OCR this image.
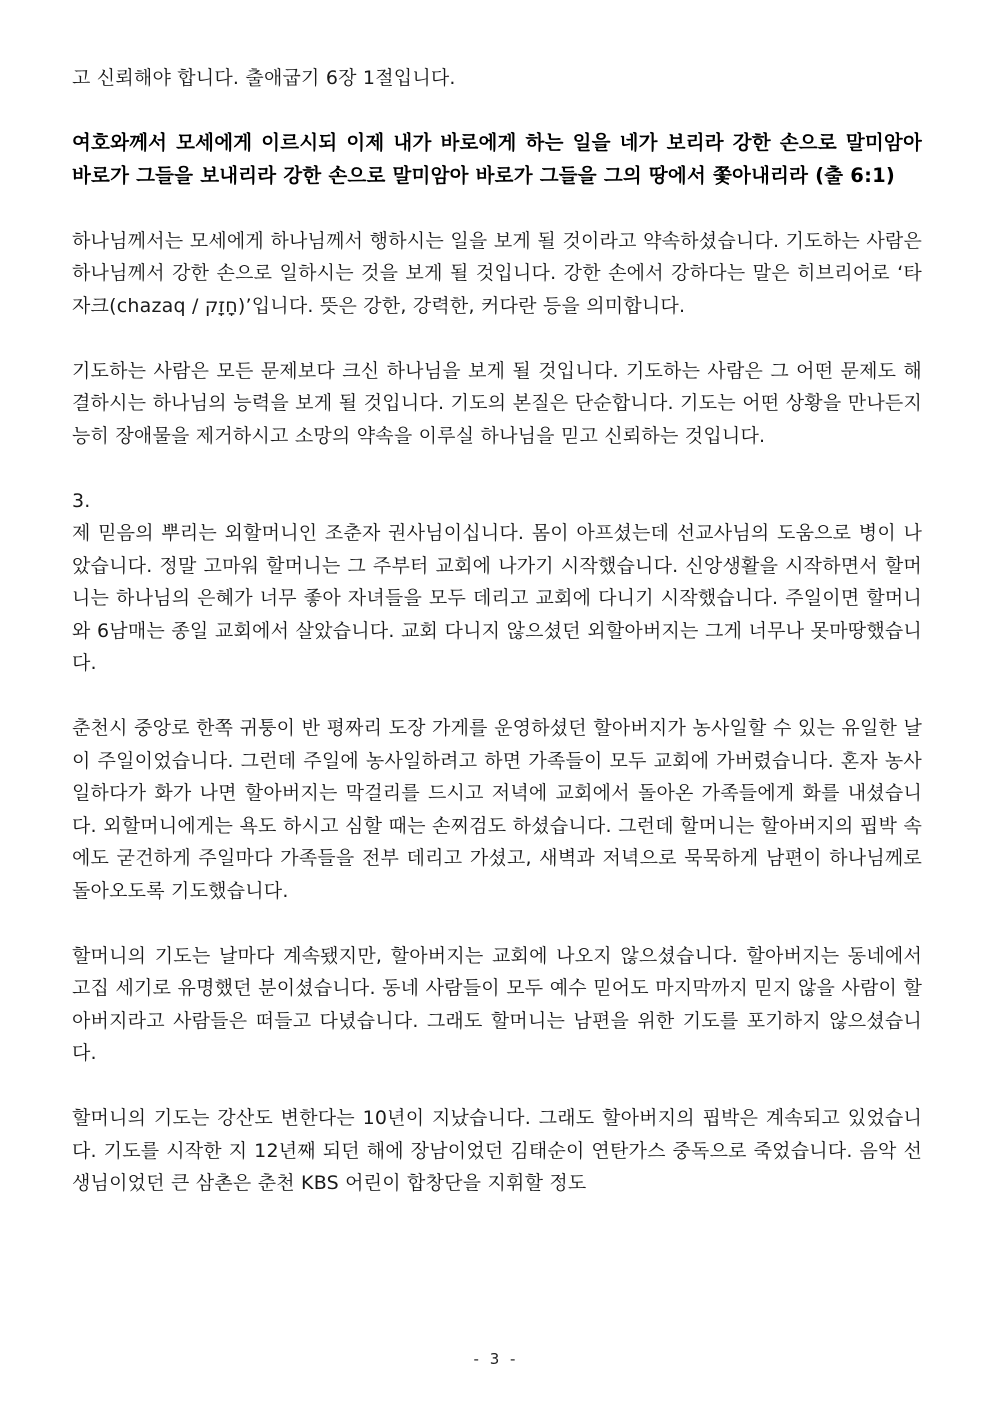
고 신뢰해야 합니다. 출애굽기 6장 1절입니다.

여호와께서 모세에게 이르시되 이제 내가 바로에게 하는 일을 네가 보리라 강한 손으로 말미암아 바로가 그들을 보내리라 강한 손으로 말미암아 바로가 그들을 그의 땅에서 쫓아내리라 (출 6:1)

하나님께서는 모세에게 하나님께서 행하시는 일을 보게 될 것이라고 약속하셨습니다. 기도하는 사람은 하나님께서 강한 손으로 일하시는 것을 보게 될 것입니다. 강한 손에서 강하다는 말은 히브리어로 ‘타자크(chazaq / חָזָק)’입니다. 뜻은 강한, 강력한, 커다란 등을 의미합니다.

기도하는 사람은 모든 문제보다 크신 하나님을 보게 될 것입니다. 기도하는 사람은 그 어떤 문제도 해결하시는 하나님의 능력을 보게 될 것입니다. 기도의 본질은 단순합니다. 기도는 어떤 상황을 만나든지 능히 장애물을 제거하시고 소망의 약속을 이루실 하나님을 믿고 신뢰하는 것입니다.

3.

제 믿음의 뿌리는 외할머니인 조춘자 권사님이십니다. 몸이 아프셨는데 선교사님의 도움으로 병이 나았습니다. 정말 고마워 할머니는 그 주부터 교회에 나가기 시작했습니다. 신앙생활을 시작하면서 할머니는 하나님의 은혜가 너무 좋아 자녀들을 모두 데리고 교회에 다니기 시작했습니다. 주일이면 할머니와 6남매는 종일 교회에서 살았습니다. 교회 다니지 않으셨던 외할아버지는 그게 너무나 못마땅했습니다.

춘천시 중앙로 한쪽 귀퉁이 반 평짜리 도장 가게를 운영하셨던 할아버지가 농사일할 수 있는 유일한 날이 주일이었습니다. 그런데 주일에 농사일하려고 하면 가족들이 모두 교회에 가버렸습니다. 혼자 농사일하다가 화가 나면 할아버지는 막걸리를 드시고 저녁에 교회에서 돌아온 가족들에게 화를 내셨습니다. 외할머니에게는 욕도 하시고 심할 때는 손찌검도 하셨습니다. 그런데 할머니는 할아버지의 핍박 속에도 굳건하게 주일마다 가족들을 전부 데리고 가셨고, 새벽과 저녁으로 묵묵하게 남편이 하나님께로 돌아오도록 기도했습니다.

할머니의 기도는 날마다 계속됐지만, 할아버지는 교회에 나오지 않으셨습니다. 할아버지는 동네에서 고집 세기로 유명했던 분이셨습니다. 동네 사람들이 모두 예수 믿어도 마지막까지 믿지 않을 사람이 할아버지라고 사람들은 떠들고 다녔습니다. 그래도 할머니는 남편을 위한 기도를 포기하지 않으셨습니다.

할머니의 기도는 강산도 변한다는 10년이 지났습니다. 그래도 할아버지의 핍박은 계속되고 있었습니다. 기도를 시작한 지 12년째 되던 해에 장남이었던 김태순이 연탄가스 중독으로 죽었습니다. 음악 선생님이었던 큰 삼촌은 춘천 KBS 어린이 합창단을 지휘할 정도

- 3 -
